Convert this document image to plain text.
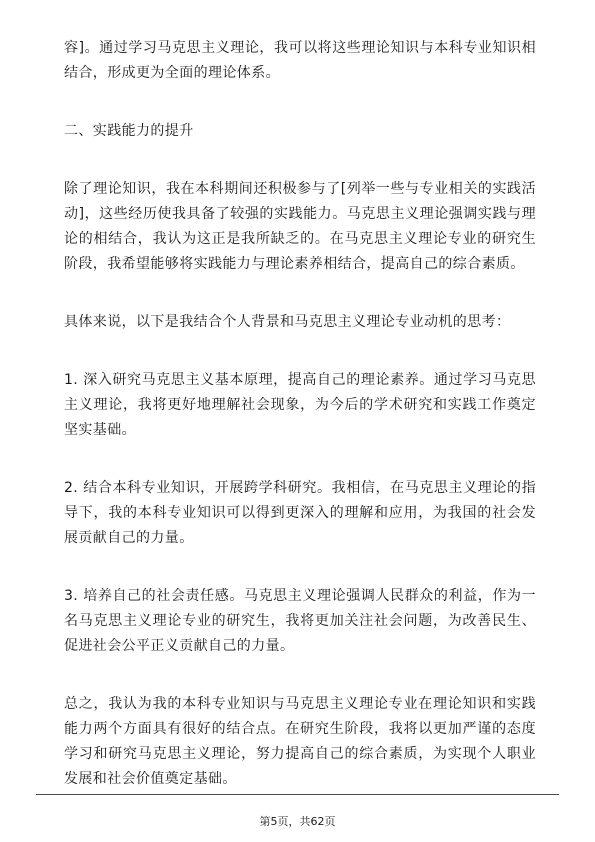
容]。通过学习马克思主义理论，我可以将这些理论知识与本科专业知识相结合，形成更为全面的理论体系。

二、实践能力的提升

除了理论知识，我在本科期间还积极参与了[列举一些与专业相关的实践活动]，这些经历使我具备了较强的实践能力。马克思主义理论强调实践与理论的相结合，我认为这正是我所缺乏的。在马克思主义理论专业的研究生阶段，我希望能够将实践能力与理论素养相结合，提高自己的综合素质。

具体来说，以下是我结合个人背景和马克思主义理论专业动机的思考：

1. 深入研究马克思主义基本原理，提高自己的理论素养。通过学习马克思主义理论，我将更好地理解社会现象，为今后的学术研究和实践工作奠定坚实基础。

2. 结合本科专业知识，开展跨学科研究。我相信，在马克思主义理论的指导下，我的本科专业知识可以得到更深入的理解和应用，为我国的社会发展贡献自己的力量。

3. 培养自己的社会责任感。马克思主义理论强调人民群众的利益，作为一名马克思主义理论专业的研究生，我将更加关注社会问题，为改善民生、促进社会公平正义贡献自己的力量。

总之，我认为我的本科专业知识与马克思主义理论专业在理论知识和实践能力两个方面具有很好的结合点。在研究生阶段，我将以更加严谨的态度学习和研究马克思主义理论，努力提高自己的综合素质，为实现个人职业发展和社会价值奠定基础。

第5页，共62页
